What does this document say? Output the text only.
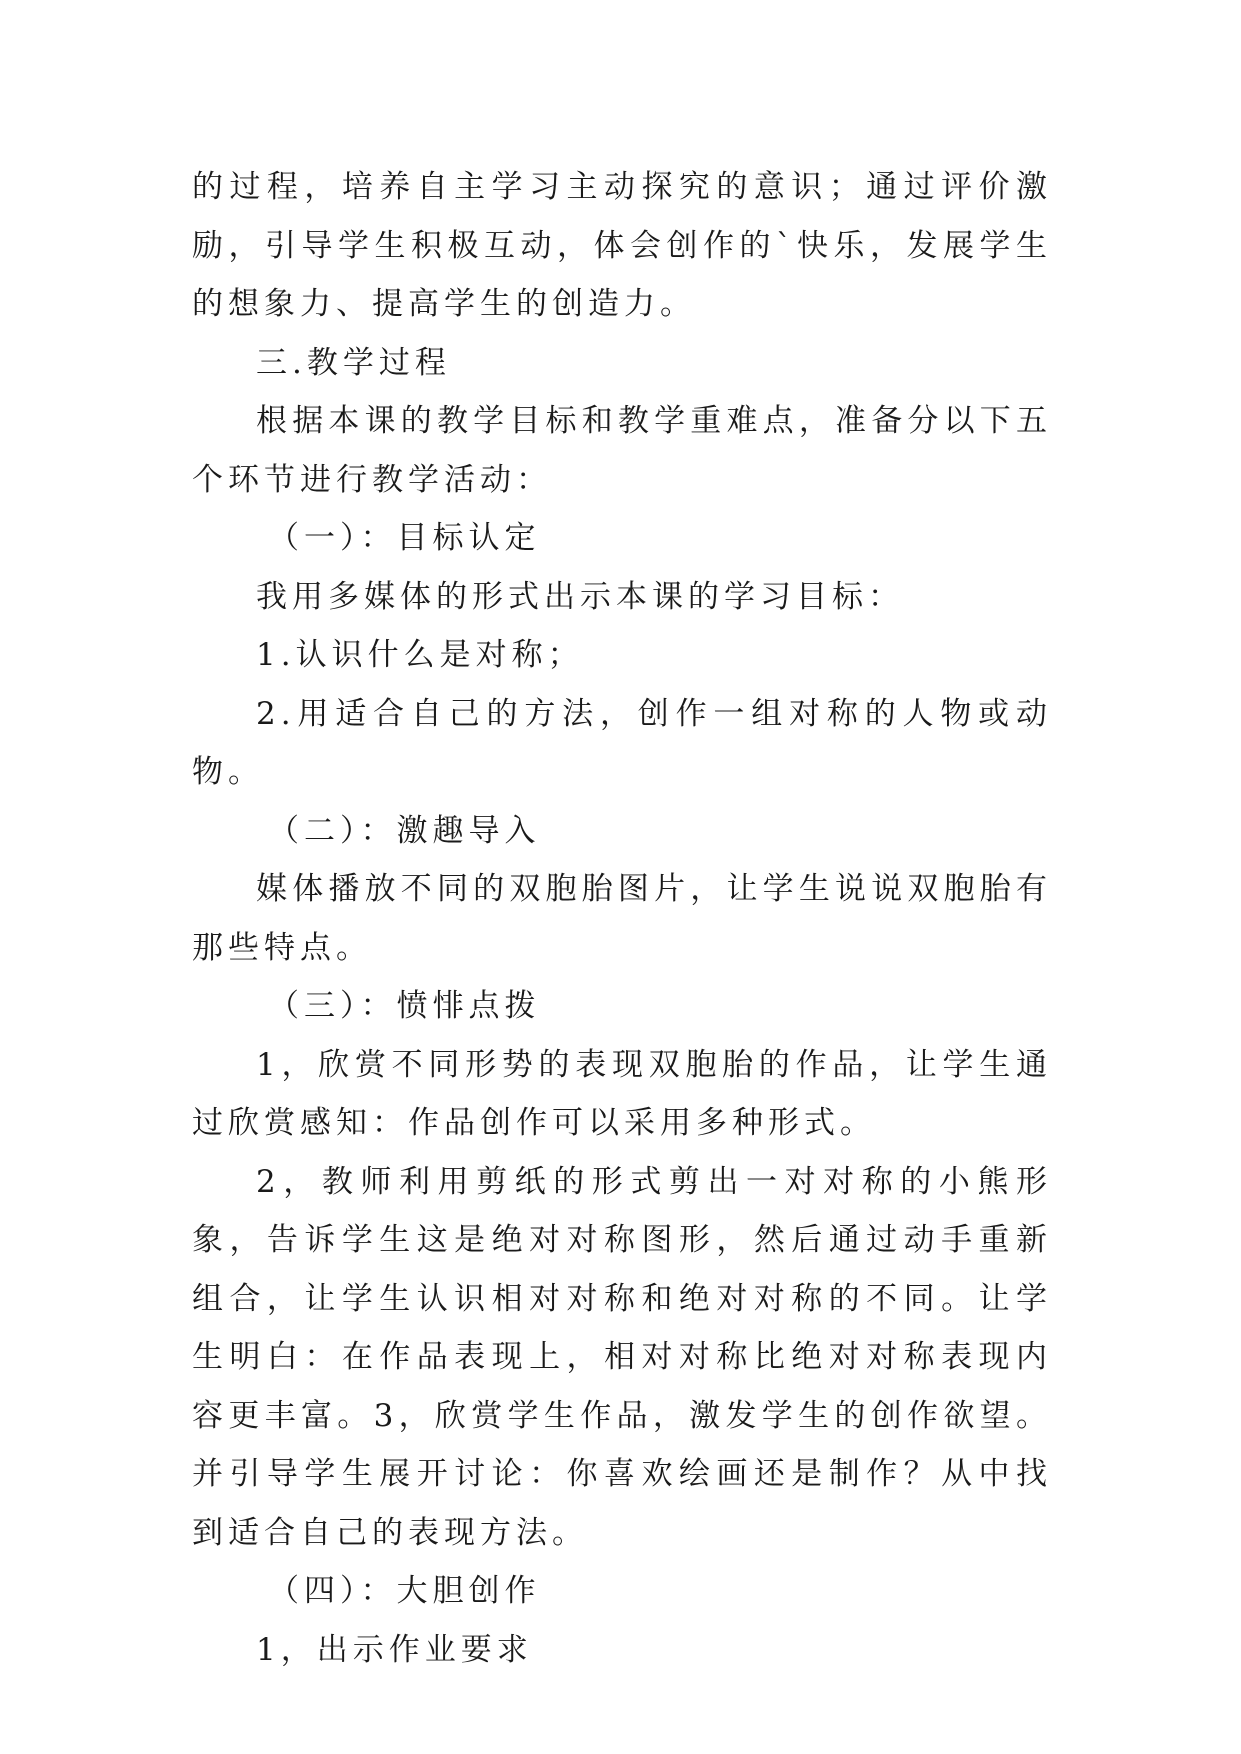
的过程，培养自主学习主动探究的意识；通过评价激励，引导学生积极互动，体会创作的`快乐，发展学生的想象力、提高学生的创造力。

三.教学过程

根据本课的教学目标和教学重难点，准备分以下五个环节进行教学活动：

（一）：目标认定

我用多媒体的形式出示本课的学习目标：

1.认识什么是对称；

2.用适合自己的方法，创作一组对称的人物或动物。

（二）：激趣导入

媒体播放不同的双胞胎图片，让学生说说双胞胎有那些特点。

（三）：愤悱点拨

1，欣赏不同形势的表现双胞胎的作品，让学生通过欣赏感知：作品创作可以采用多种形式。

2，教师利用剪纸的形式剪出一对对称的小熊形象，告诉学生这是绝对对称图形，然后通过动手重新组合，让学生认识相对对称和绝对对称的不同。让学生明白：在作品表现上，相对对称比绝对对称表现内容更丰富。3，欣赏学生作品，激发学生的创作欲望。并引导学生展开讨论：你喜欢绘画还是制作？从中找到适合自己的表现方法。

（四）：大胆创作

1，出示作业要求
